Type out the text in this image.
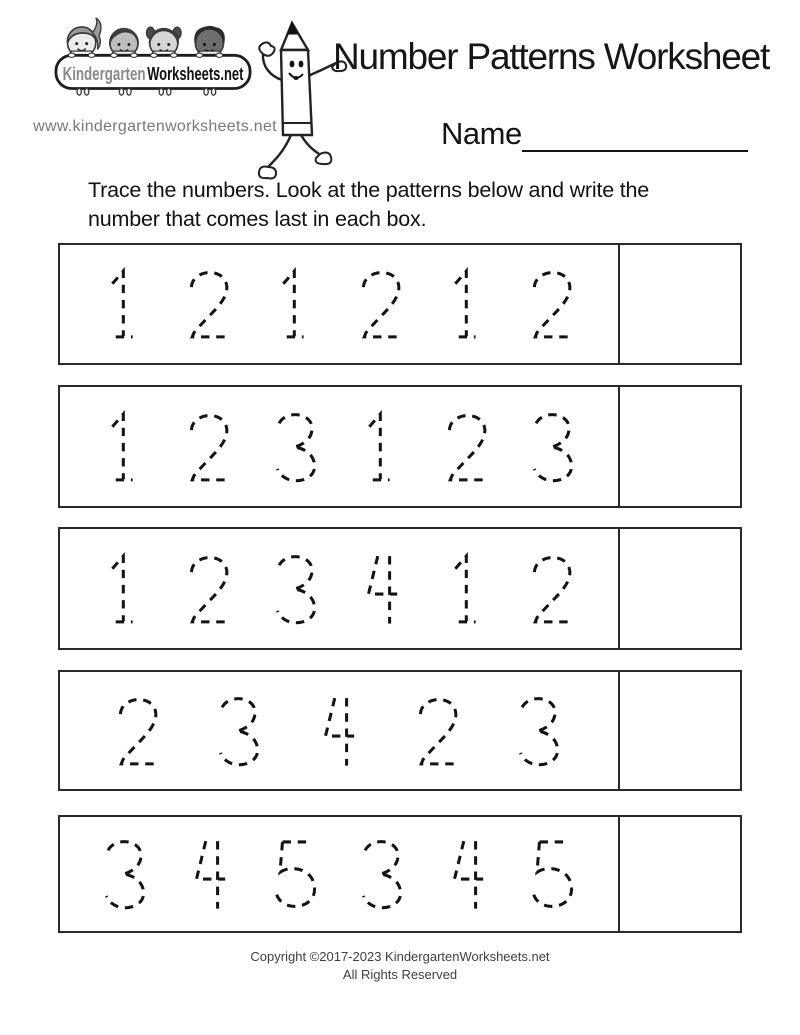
Kindergarten Worksheets.net
www.kindergartenworksheets.net
Number Patterns Worksheet
Name
Trace the numbers. Look at the patterns below and write the
number that comes last in each box.
Copyright ©2017-2023 KindergartenWorksheets.net
All Rights Reserved
